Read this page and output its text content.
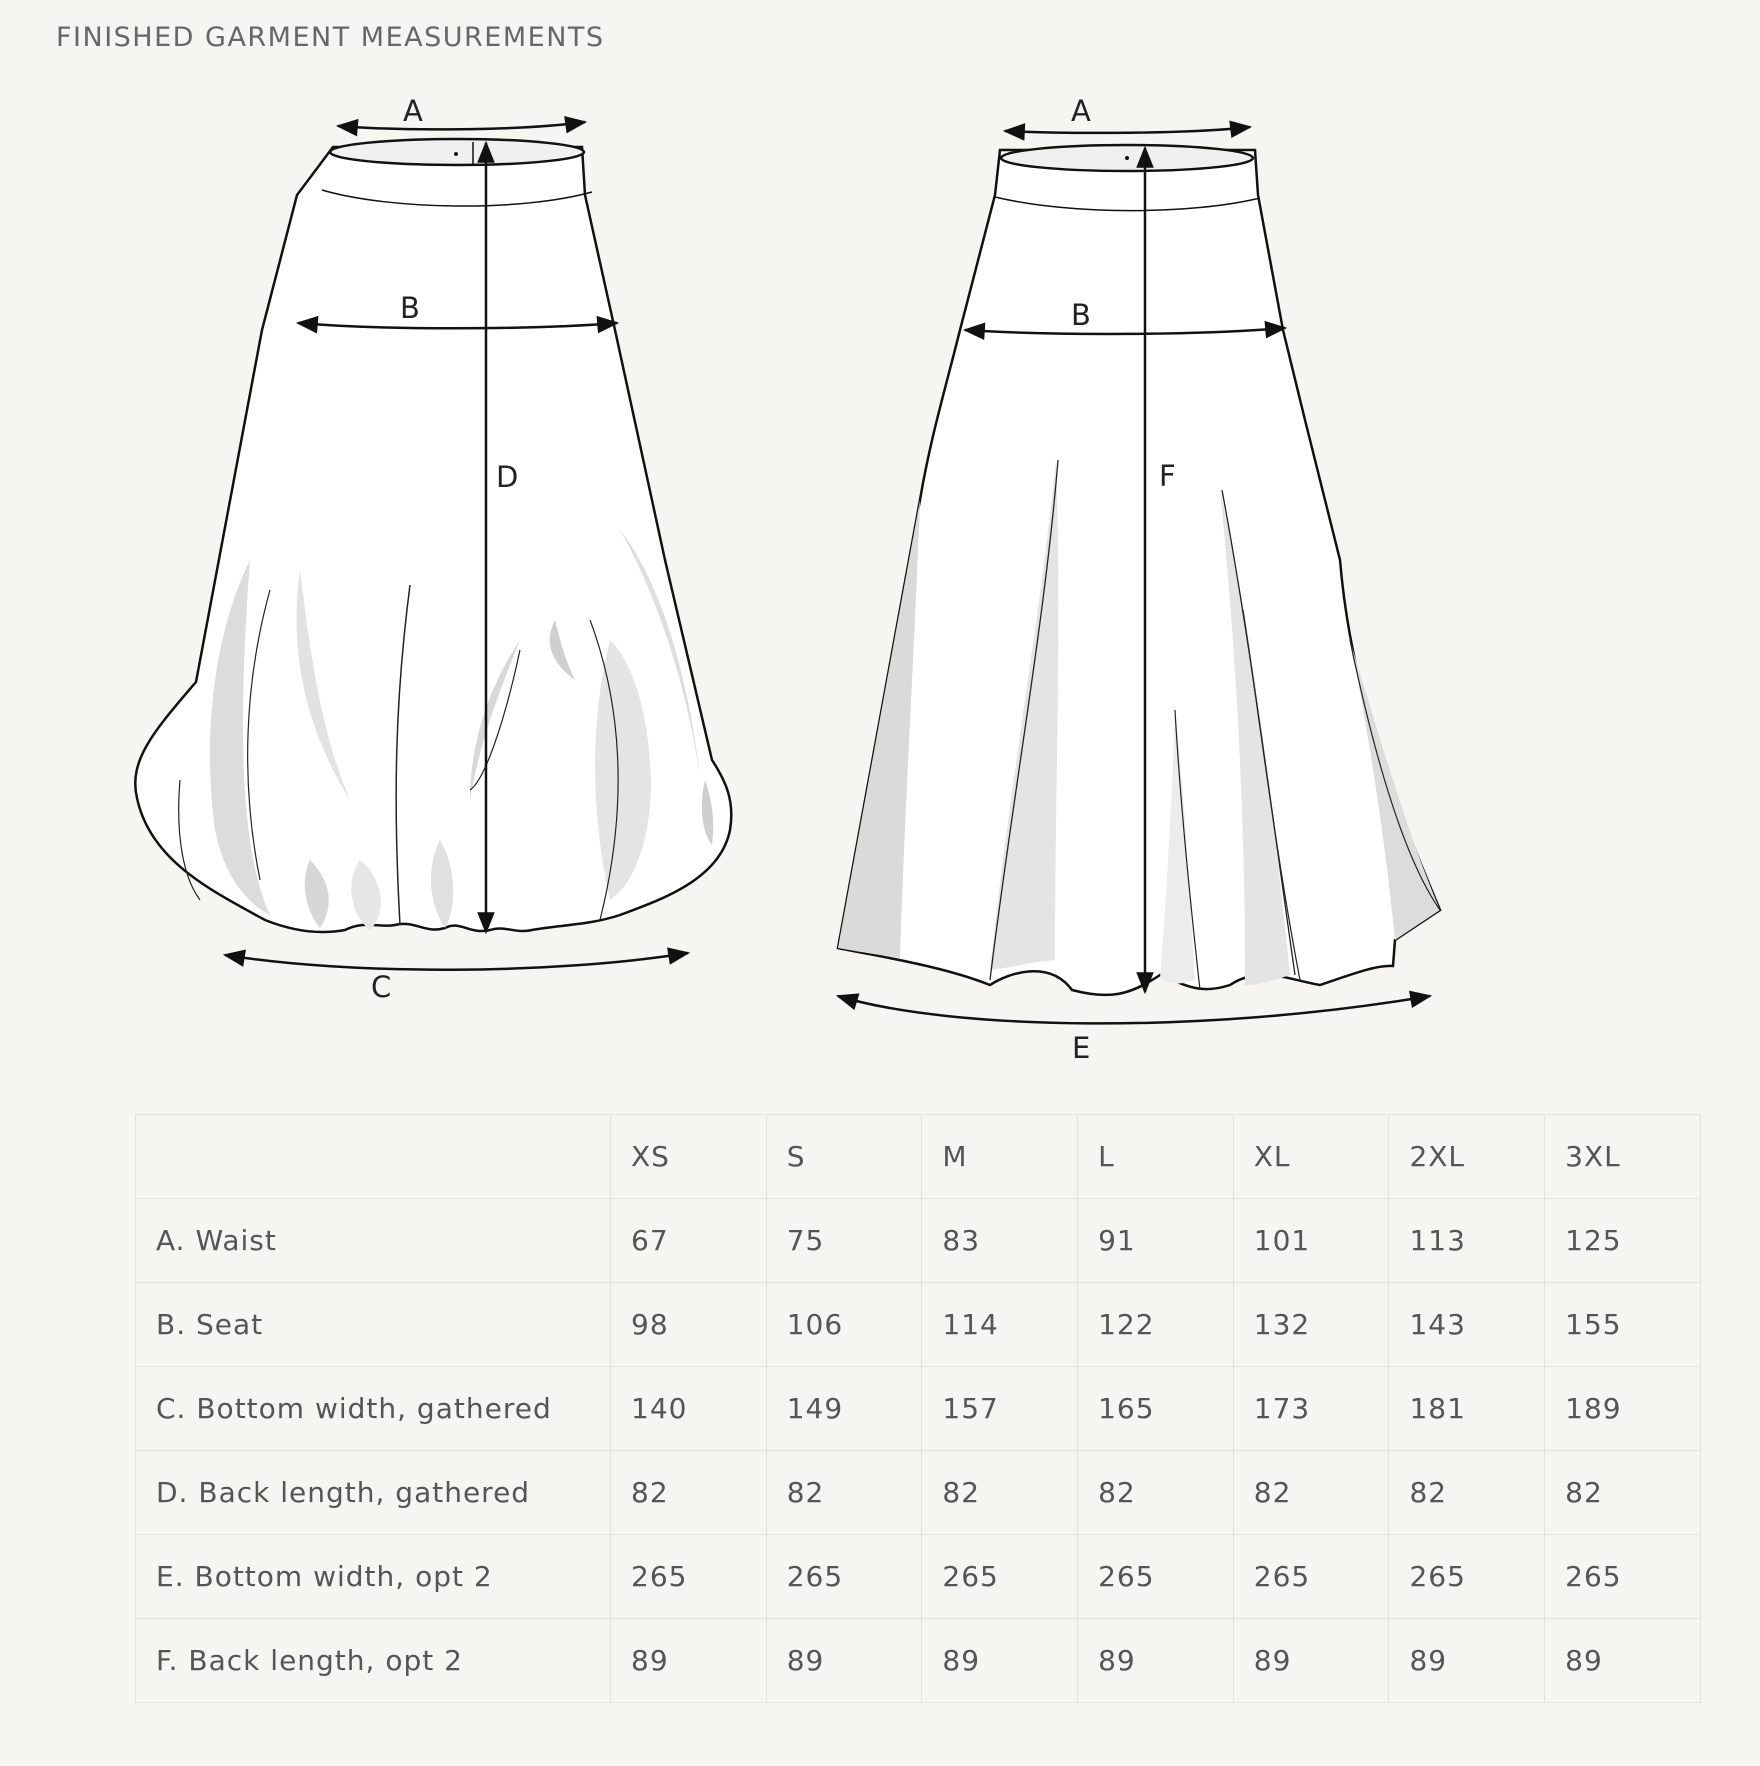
FINISHED GARMENT MEASUREMENTS
A
B
C
D
A
B
E
F
	XS	S	M	L	XL	2XL	3XL
A. Waist	67	75	83	91	101	113	125
B. Seat	98	106	114	122	132	143	155
C. Bottom width, gathered	140	149	157	165	173	181	189
D. Back length, gathered	82	82	82	82	82	82	82
E. Bottom width, opt 2	265	265	265	265	265	265	265
F. Back length, opt 2	89	89	89	89	89	89	89
